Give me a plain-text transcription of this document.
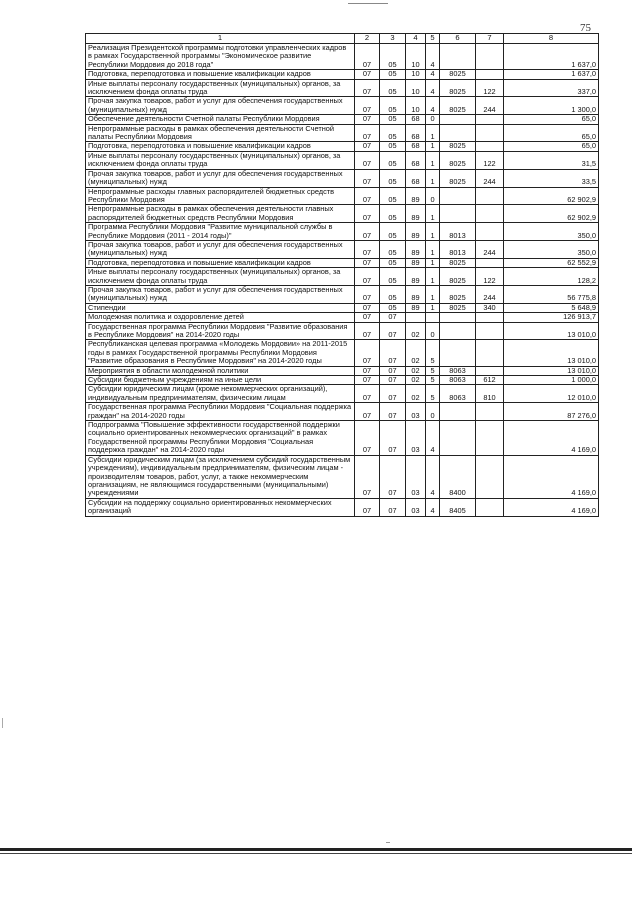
75
1	2	3	4	5	6	7	8
Реализация Президентской программы подготовки управленческих кадров в рамках Государственной программы "Экономическое развитие Республики Мордовия до 2018 года"	07	05	10	4			1 637,0
Подготовка, переподготовка и повышение квалификации кадров	07	05	10	4	8025		1 637,0
Иные выплаты персоналу государственных (муниципальных) органов, за исключением фонда оплаты труда	07	05	10	4	8025	122	337,0
Прочая закупка товаров, работ и услуг для обеспечения государственных (муниципальных) нужд	07	05	10	4	8025	244	1 300,0
Обеспечение деятельности Счетной палаты Республики Мордовия	07	05	68	0			65,0
Непрограммные расходы в рамках обеспечения деятельности Счетной палаты Республики Мордовия	07	05	68	1			65,0
Подготовка, переподготовка и повышение квалификации кадров	07	05	68	1	8025		65,0
Иные выплаты персоналу государственных (муниципальных) органов, за исключением фонда оплаты труда	07	05	68	1	8025	122	31,5
Прочая закупка товаров, работ и услуг для обеспечения государственных (муниципальных) нужд	07	05	68	1	8025	244	33,5
Непрограммные расходы главных распорядителей бюджетных средств Республики Мордовия	07	05	89	0			62 902,9
Непрограммные расходы в рамках обеспечения деятельности главных распорядителей бюджетных средств Республики Мордовия	07	05	89	1			62 902,9
Программа Республики Мордовия "Развитие муниципальной службы в Республике Мордовия (2011 - 2014 годы)"	07	05	89	1	8013		350,0
Прочая закупка товаров, работ и услуг для обеспечения государственных (муниципальных) нужд	07	05	89	1	8013	244	350,0
Подготовка, переподготовка и повышение квалификации кадров	07	05	89	1	8025		62 552,9
Иные выплаты персоналу государственных (муниципальных) органов, за исключением фонда оплаты труда	07	05	89	1	8025	122	128,2
Прочая закупка товаров, работ и услуг для обеспечения государственных (муниципальных) нужд	07	05	89	1	8025	244	56 775,8
Стипендии	07	05	89	1	8025	340	5 648,9
Молодежная политика и оздоровление детей	07	07					126 913,7
Государственная программа Республики Мордовия "Развитие образования в Республике Мордовия" на 2014-2020 годы	07	07	02	0			13 010,0
Республиканская целевая программа «Молодежь Мордовии» на 2011-2015 годы в рамках Государственной программы Республики Мордовия "Развитие образования в Республике Мордовия" на 2014-2020 годы	07	07	02	5			13 010,0
Мероприятия в области молодежной политики	07	07	02	5	8063		13 010,0
Субсидии бюджетным учреждениям на иные цели	07	07	02	5	8063	612	1 000,0
Субсидии юридическим лицам (кроме некоммерческих организаций), индивидуальным предпринимателям, физическим лицам	07	07	02	5	8063	810	12 010,0
Государственная программа Республики Мордовия "Социальная поддержка граждан" на 2014-2020 годы	07	07	03	0			87 276,0
Подпрограмма "Повышение эффективности государственной поддержки социально ориентированных некоммерческих организаций" в рамках Государственной программы Республики Мордовия "Социальная поддержка граждан" на 2014-2020 годы	07	07	03	4			4 169,0
Субсидии юридическим лицам (за исключением субсидий государственным учреждениям), индивидуальным предпринимателям, физическим лицам - производителям товаров, работ, услуг, а также некоммерческим организациям, не являющимся государственными (муниципальными) учреждениями	07	07	03	4	8400		4 169,0
Субсидии на поддержку социально ориентированных некоммерческих организаций	07	07	03	4	8405		4 169,0
